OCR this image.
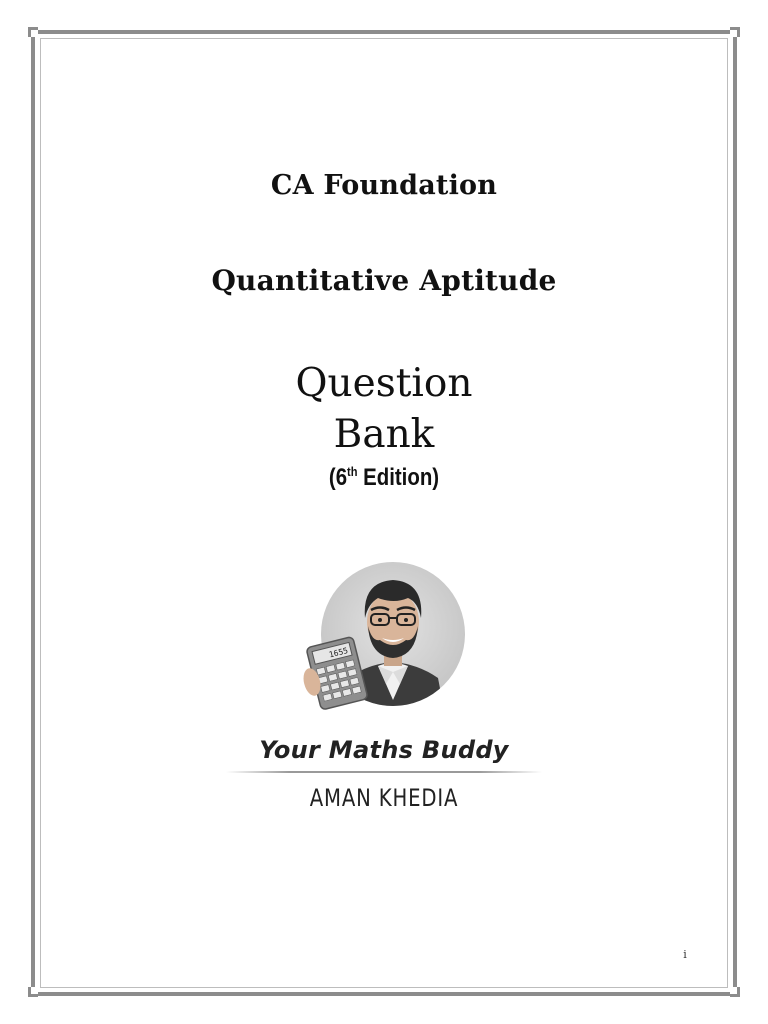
CA Foundation
Quantitative Aptitude
Question
Bank
(6th Edition)
1655
Your Maths Buddy
AMAN KHEDIA
i
